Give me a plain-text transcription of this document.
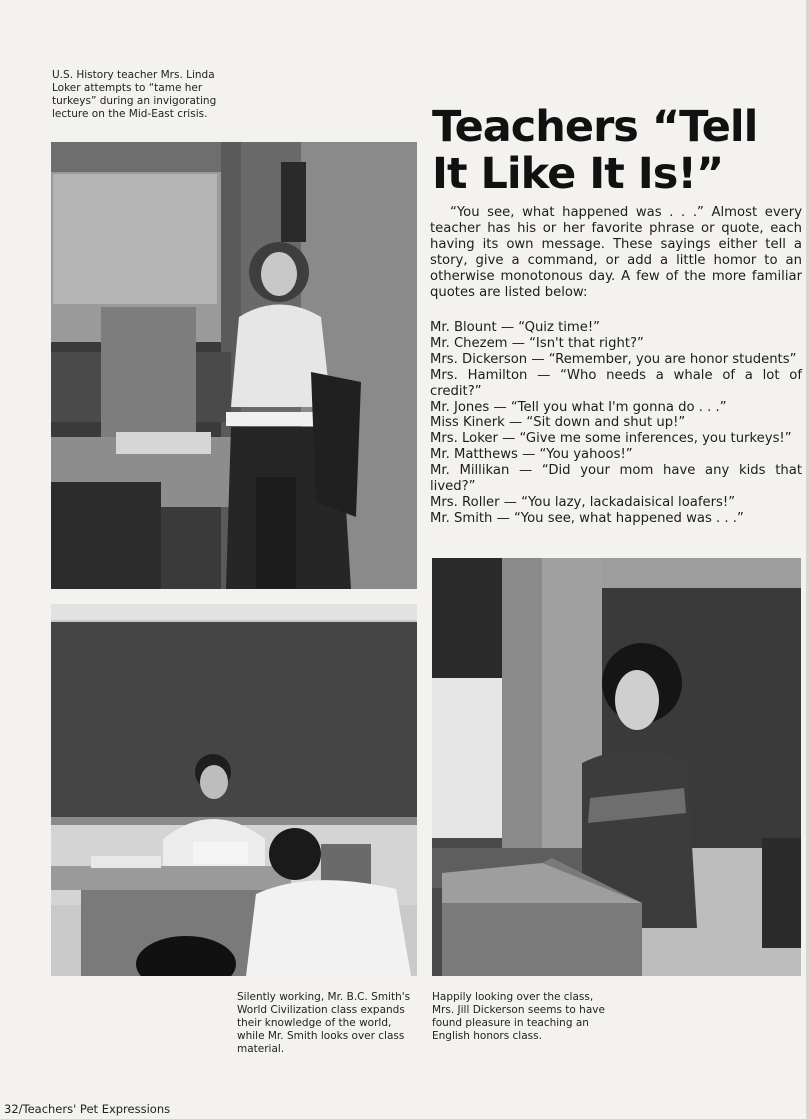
U.S. History teacher Mrs. Linda Loker attempts to “tame her turkeys” during an invigorating lecture on the Mid-East crisis.	Teachers “Tell It Like It Is!”

“You see, what happened was . . .” Almost every teacher has his or her favorite phrase or quote, each having its own message. These sayings either tell a story, give a command, or add a little homor to an otherwise monotonous day. A few of the more familiar quotes are listed below:

Mr. Blount — “Quiz time!”
Mr. Chezem — “Isn't that right?”
Mrs. Dickerson — “Remember, you are honor students”
Mrs. Hamilton — “Who needs a whale of a lot of credit?”
Mr. Jones — “Tell you what I'm gonna do . . .”
Miss Kinerk — “Sit down and shut up!”
Mrs. Loker — “Give me some inferences, you turkeys!”
Mr. Matthews — “You yahoos!”
Mr. Millikan — “Did your mom have any kids that lived?”
Mrs. Roller — “You lazy, lackadaisical loafers!”
Mr. Smith — “You see, what happened was . . .”

Silently working, Mr. B.C. Smith's World Civilization class expands their knowledge of the world, while Mr. Smith looks over class material.

Happily looking over the class, Mrs. Jill Dickerson seems to have found pleasure in teaching an English honors class.

32/Teachers' Pet Expressions
